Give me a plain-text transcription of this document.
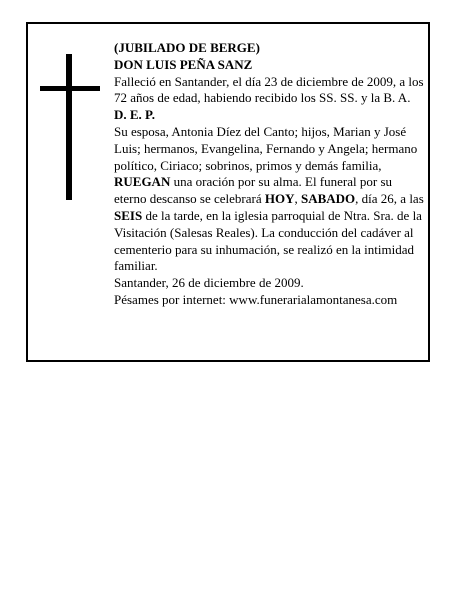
(JUBILADO DE BERGE)

DON LUIS PEÑA SANZ

Falleció en Santander, el día 23 de diciembre de 2009, a los 72 años de edad, habiendo recibido los SS. SS. y la B. A.

D. E. P.

Su esposa, Antonia Díez del Canto; hijos, Marian y José Luis; hermanos, Evangelina, Fernando y Angela; hermano político, Ciriaco; sobrinos, primos y demás familia,

RUEGAN una oración por su alma. El funeral por su eterno descanso se celebrará HOY, SABADO, día 26, a las SEIS de la tarde, en la iglesia parroquial de Ntra. Sra. de la Visitación (Salesas Reales). La conducción del cadáver al cementerio para su inhumación, se realizó en la intimidad familiar.

Santander, 26 de diciembre de 2009.

Pésames por internet: www.funerarialamontanesa.com
